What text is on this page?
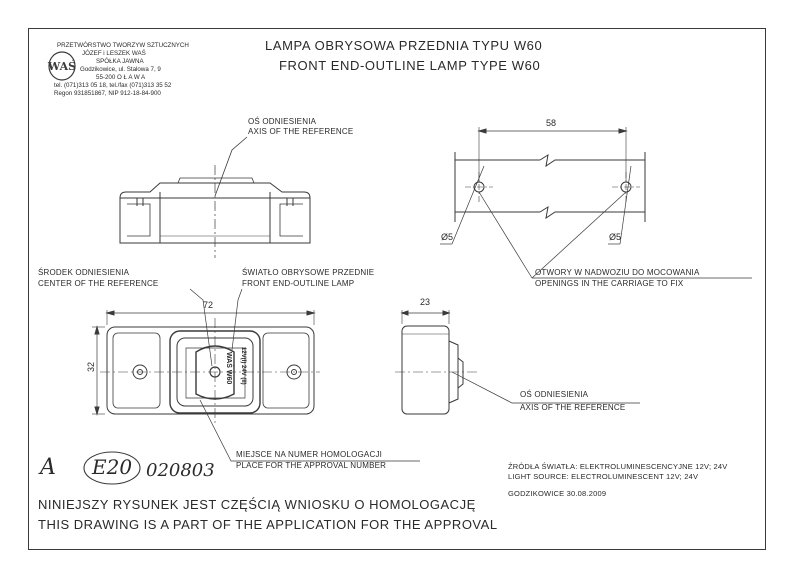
WAŚ
PRZETWÓRSTWO TWORZYW SZTUCZNYCH
JÓZEF i LESZEK WAŚ
SPÓŁKA JAWNA
Godzikowice, ul. Stalowa 7, 9
55-200 O Ł A W A
tel. (071)313 05 18, tel./fax (071)313 35 52
Regon 931851867, NIP 912-18-84-900
LAMPA OBRYSOWA PRZEDNIA TYPU W60
FRONT END-OUTLINE LAMP TYPE W60
OŚ ODNIESIENIA
AXIS OF THE REFERENCE
ŚRODEK ODNIESIENIA
CENTER OF THE REFERENCE
ŚWIATŁO OBRYSOWE PRZEDNIE
FRONT END-OUTLINE LAMP
OTWORY W NADWOZIU DO MOCOWANIA
OPENINGS IN THE CARRIAGE TO FIX
OŚ ODNIESIENIA
AXIS OF THE REFERENCE
MIEJSCE NA NUMER HOMOLOGACJI
PLACE FOR THE APPROVAL NUMBER	ŹRÓDŁA ŚWIATŁA: ELEKTROLUMINESCENCYJNE 12V; 24V
LIGHT SOURCE: ELECTROLUMINESCENT 12V; 24V
GODZIKOWICE 30.08.2009
58
Ø5	Ø5
72
32
23
WAŚ W60 12V(I) 24V (II)
A E20 020803
NINIEJSZY RYSUNEK JEST CZĘŚCIĄ WNIOSKU O HOMOLOGACJĘ
THIS DRAWING IS A PART OF THE APPLICATION FOR THE APPROVAL
